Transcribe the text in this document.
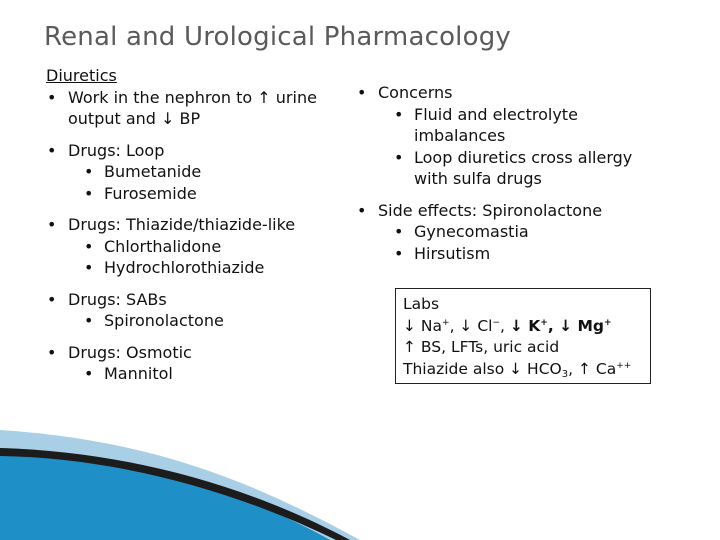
Renal and Urological Pharmacology
Diuretics
• Work in the nephron to ↑ urine
output and ↓ BP
• Drugs: Loop
• Bumetanide
• Furosemide
• Drugs: Thiazide/thiazide-like
• Chlorthalidone
• Hydrochlorothiazide
• Drugs: SABs
• Spironolactone
• Drugs: Osmotic
• Mannitol
• Concerns
• Fluid and electrolyte
imbalances
• Loop diuretics cross allergy
with sulfa drugs
• Side effects: Spironolactone
• Gynecomastia
• Hirsutism
Labs
↓ Na+, ↓ Cl−, ↓ K+, ↓ Mg+
↑ BS, LFTs, uric acid
Thiazide also ↓ $HCO_3$, ↑ Ca++
